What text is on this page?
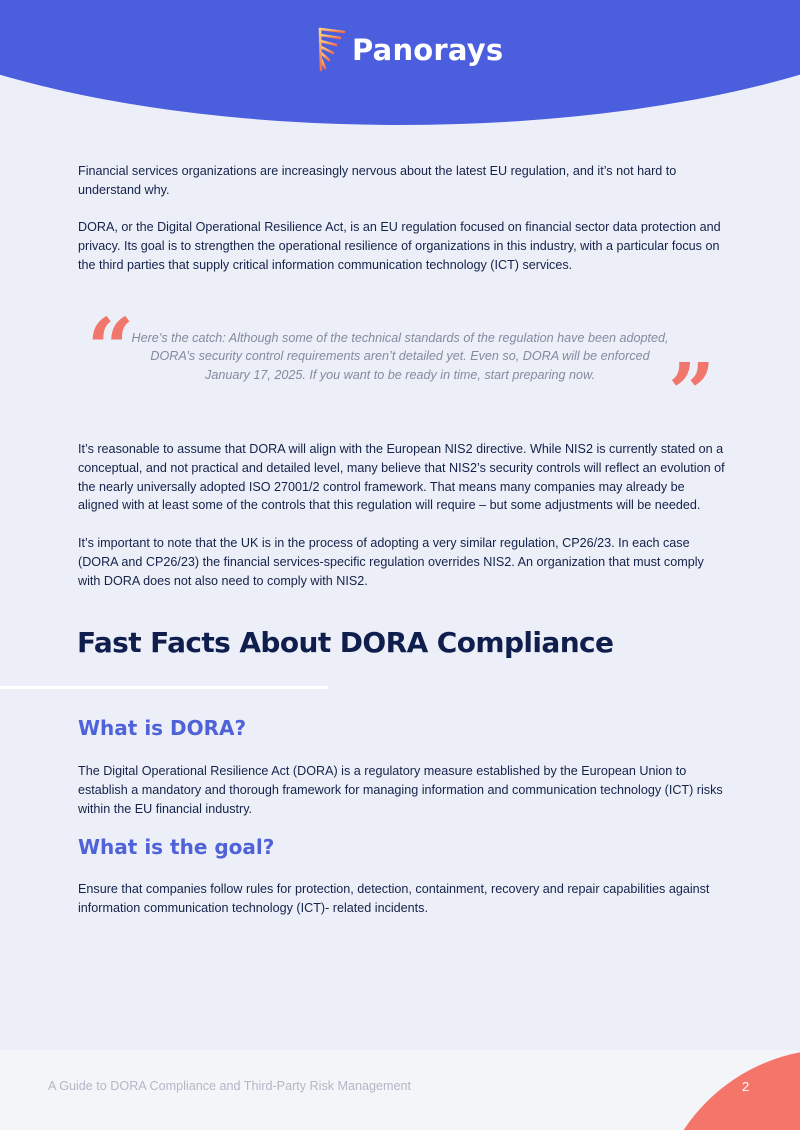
Panorays

Financial services organizations are increasingly nervous about the latest EU regulation, and it’s not hard to understand why.

DORA, or the Digital Operational Resilience Act, is an EU regulation focused on financial sector data protection and privacy. Its goal is to strengthen the operational resilience of organizations in this industry, with a particular focus on the third parties that supply critical information communication technology (ICT) services.

“

Here’s the catch: Although some of the technical standards of the regulation have been adopted, DORA’s security control requirements aren’t detailed yet. Even so, DORA will be enforced January 17, 2025. If you want to be ready in time, start preparing now. ”

It’s reasonable to assume that DORA will align with the European NIS2 directive. While NIS2 is currently stated on a conceptual, and not practical and detailed level, many believe that NIS2’s security controls will reflect an evolution of the nearly universally adopted ISO 27001/2 control framework. That means many companies may already be aligned with at least some of the controls that this regulation will require – but some adjustments will be needed.

It’s important to note that the UK is in the process of adopting a very similar regulation, CP26/23. In each case (DORA and CP26/23) the financial services-specific regulation overrides NIS2. An organization that must comply with DORA does not also need to comply with NIS2.

Fast Facts About DORA Compliance
What is DORA?

The Digital Operational Resilience Act (DORA) is a regulatory measure established by the European Union to establish a mandatory and thorough framework for managing information and communication technology (ICT) risks within the EU financial industry.

What is the goal?

Ensure that companies follow rules for protection, detection, containment, recovery and repair capabilities against information communication technology (ICT)- related incidents.

A Guide to DORA Compliance and Third-Party Risk Management	2
